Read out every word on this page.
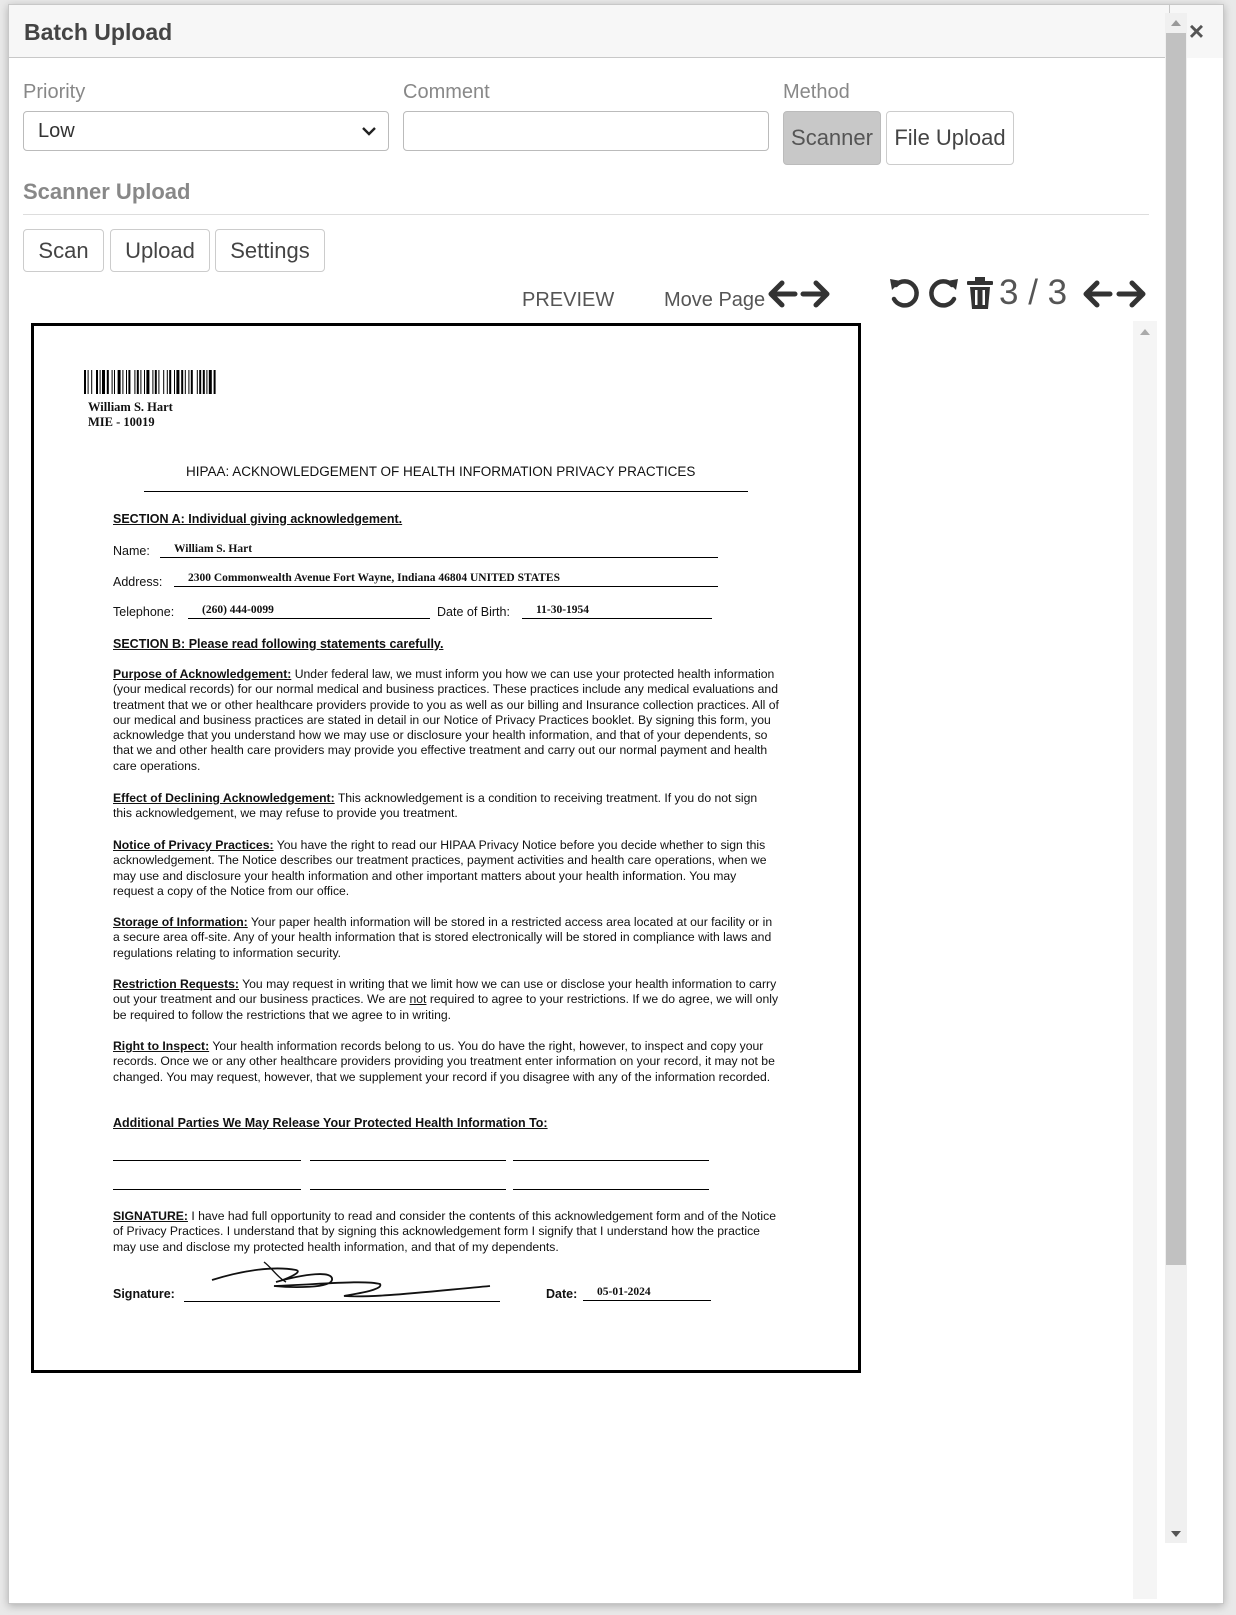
Batch Upload	×
Priority
Low
Comment	Method
Scanner File Upload
Scanner Upload
Scan	Upload	Settings
PREVIEW Move Page	3 / 3
William S. Hart
MIE - 10019
HIPAA: ACKNOWLEDGEMENT OF HEALTH INFORMATION PRIVACY PRACTICES
SECTION A: Individual giving acknowledgement.
Name:	William S. Hart
Address:	2300 Commonwealth Avenue Fort Wayne, Indiana 46804 UNITED STATES
Telephone:	(260) 444-0099	Date of Birth:	11-30-1954
SECTION B: Please read following statements carefully.
Purpose of Acknowledgement: Under federal law, we must inform you how we can use your protected health information (your medical records) for our normal medical and business practices. These practices include any medical evaluations and treatment that we or other healthcare providers provide to you as well as our billing and Insurance collection practices. All of our medical and business practices are stated in detail in our Notice of Privacy Practices booklet. By signing this form, you acknowledge that you understand how we may use or disclosure your health information, and that of your dependents, so that we and other health care providers may provide you effective treatment and carry out our normal payment and health care operations.
Effect of Declining Acknowledgement: This acknowledgement is a condition to receiving treatment. If you do not sign this acknowledgement, we may refuse to provide you treatment.
Notice of Privacy Practices: You have the right to read our HIPAA Privacy Notice before you decide whether to sign this acknowledgement. The Notice describes our treatment practices, payment activities and health care operations, when we may use and disclosure your health information and other important matters about your health information. You may request a copy of the Notice from our office.
Storage of Information: Your paper health information will be stored in a restricted access area located at our facility or in a secure area off-site. Any of your health information that is stored electronically will be stored in compliance with laws and regulations relating to information security.
Restriction Requests: You may request in writing that we limit how we can use or disclose your health information to carry out your treatment and our business practices. We are not required to agree to your restrictions. If we do agree, we will only be required to follow the restrictions that we agree to in writing.
Right to Inspect: Your health information records belong to us. You do have the right, however, to inspect and copy your records. Once we or any other healthcare providers providing you treatment enter information on your record, it may not be changed. You may request, however, that we supplement your record if you disagree with any of the information recorded.
Additional Parties We May Release Your Protected Health Information To:
SIGNATURE: I have had full opportunity to read and consider the contents of this acknowledgement form and of the Notice of Privacy Practices. I understand that by signing this acknowledgement form I signify that I understand how the practice may use and disclose my protected health information, and that of my dependents.
Signature:	Date:	05-01-2024
